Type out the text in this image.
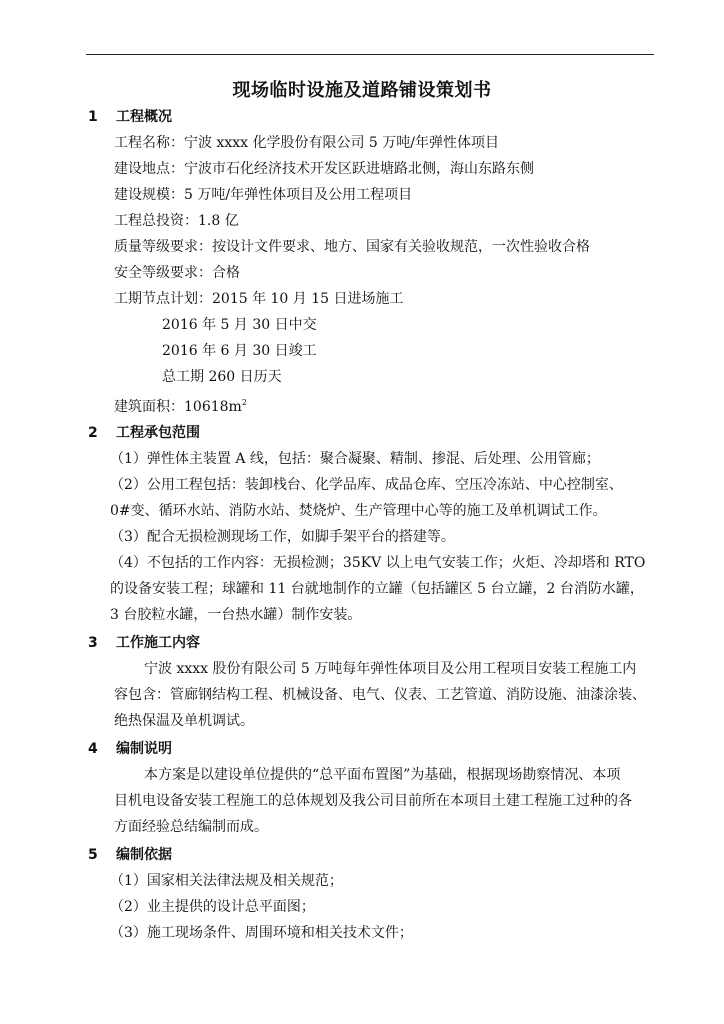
现场临时设施及道路铺设策划书
1 工程概况
工程名称：宁波 xxxx 化学股份有限公司 5 万吨/年弹性体项目
建设地点：宁波市石化经济技术开发区跃进塘路北侧，海山东路东侧
建设规模：5 万吨/年弹性体项目及公用工程项目
工程总投资：1.8 亿
质量等级要求：按设计文件要求、地方、国家有关验收规范，一次性验收合格
安全等级要求：合格
工期节点计划：2015 年 10 月 15 日进场施工
2016 年 5 月 30 日中交
2016 年 6 月 30 日竣工
总工期 260 日历天
建筑面积：$10618m^2$
2 工程承包范围
（1）弹性体主装置 A 线，包括：聚合凝聚、精制、掺混、后处理、公用管廊；
（2）公用工程包括：装卸栈台、化学品库、成品仓库、空压冷冻站、中心控制室、
0#变、循环水站、消防水站、焚烧炉、生产管理中心等的施工及单机调试工作。
（3）配合无损检测现场工作，如脚手架平台的搭建等。
（4）不包括的工作内容：无损检测；35KV 以上电气安装工作；火炬、冷却塔和 RTO
的设备安装工程；球罐和 11 台就地制作的立罐（包括罐区 5 台立罐，2 台消防水罐，
3 台胶粒水罐，一台热水罐）制作安装。
3 工作施工内容
宁波 xxxx 股份有限公司 5 万吨每年弹性体项目及公用工程项目安装工程施工内
容包含：管廊钢结构工程、机械设备、电气、仪表、工艺管道、消防设施、油漆涂装、
绝热保温及单机调试。
4 编制说明
本方案是以建设单位提供的“总平面布置图”为基础，根据现场勘察情况、本项
目机电设备安装工程施工的总体规划及我公司目前所在本项目土建工程施工过种的各
方面经验总结编制而成。
5 编制依据
（1）国家相关法律法规及相关规范；
（2）业主提供的设计总平面图；
（3）施工现场条件、周围环境和相关技术文件；
